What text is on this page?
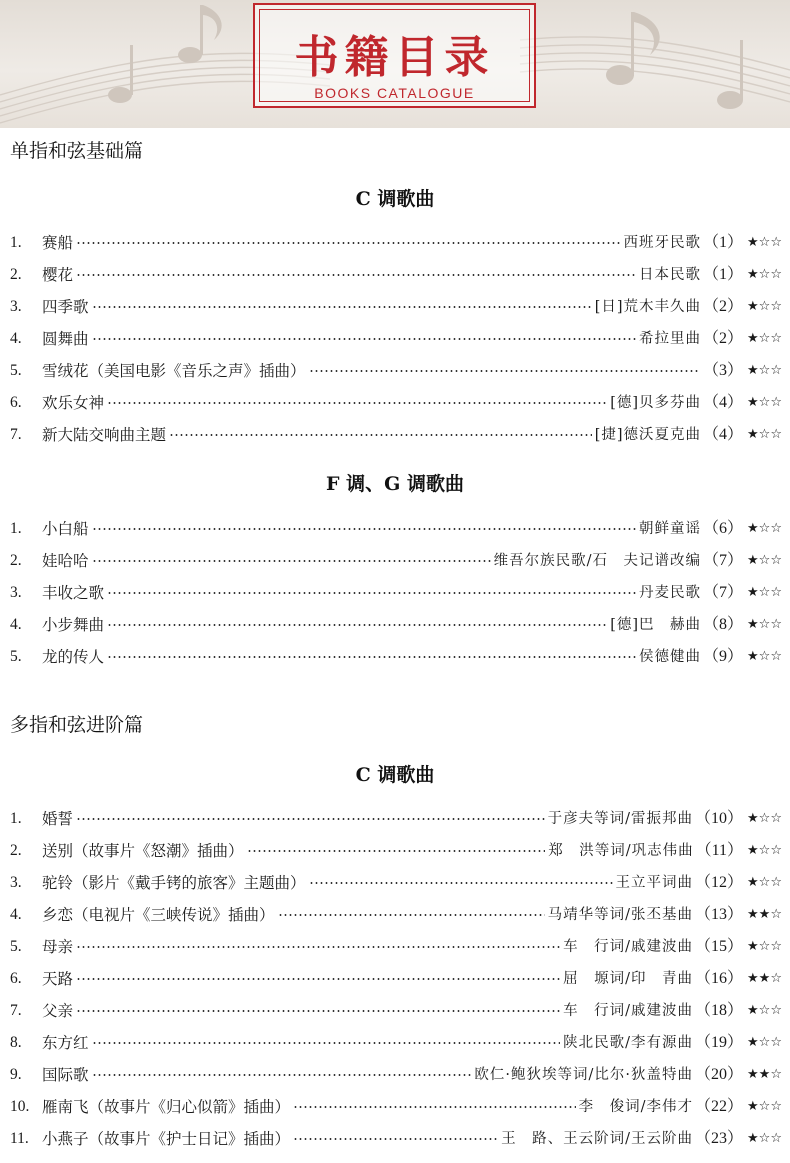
书籍目录
BOOKS CATALOGUE
单指和弦基础篇
C 调歌曲
1. 赛船	西班牙民歌 （1） ★☆☆
2. 樱花	日本民歌 （1） ★☆☆
3. 四季歌	[日]荒木丰久曲 （2） ★☆☆
4. 圆舞曲	希拉里曲 （2） ★☆☆
5. 雪绒花（美国电影《音乐之声》插曲）	（3） ★☆☆
6. 欢乐女神	[德]贝多芬曲 （4） ★☆☆
7. 新大陆交响曲主题	[捷]德沃夏克曲 （4） ★☆☆
F 调、G 调歌曲
1. 小白船	朝鲜童谣 （6） ★☆☆
2. 娃哈哈	维吾尔族民歌/石　夫记谱改编 （7） ★☆☆
3. 丰收之歌	丹麦民歌 （7） ★☆☆
4. 小步舞曲	[德]巴　赫曲 （8） ★☆☆
5. 龙的传人	侯德健曲 （9） ★☆☆
多指和弦进阶篇
C 调歌曲
1. 婚誓	于彦夫等词/雷振邦曲 （10） ★☆☆
2. 送别（故事片《怒潮》插曲）	郑　洪等词/巩志伟曲 （11） ★☆☆
3. 驼铃（影片《戴手铐的旅客》主题曲）	王立平词曲 （12） ★☆☆
4. 乡恋（电视片《三峡传说》插曲）	马靖华等词/张丕基曲 （13） ★★☆
5. 母亲	车　行词/戚建波曲 （15） ★☆☆
6. 天路	屈　塬词/印　青曲 （16） ★★☆
7. 父亲	车　行词/戚建波曲 （18） ★☆☆
8. 东方红	陕北民歌/李有源曲 （19） ★☆☆
9. 国际歌	欧仁·鲍狄埃等词/比尔·狄盖特曲 （20） ★★☆
10. 雁南飞（故事片《归心似箭》插曲）	李　俊词/李伟才 （22） ★☆☆
11. 小燕子（故事片《护士日记》插曲）	王　路、王云阶词/王云阶曲 （23） ★☆☆
